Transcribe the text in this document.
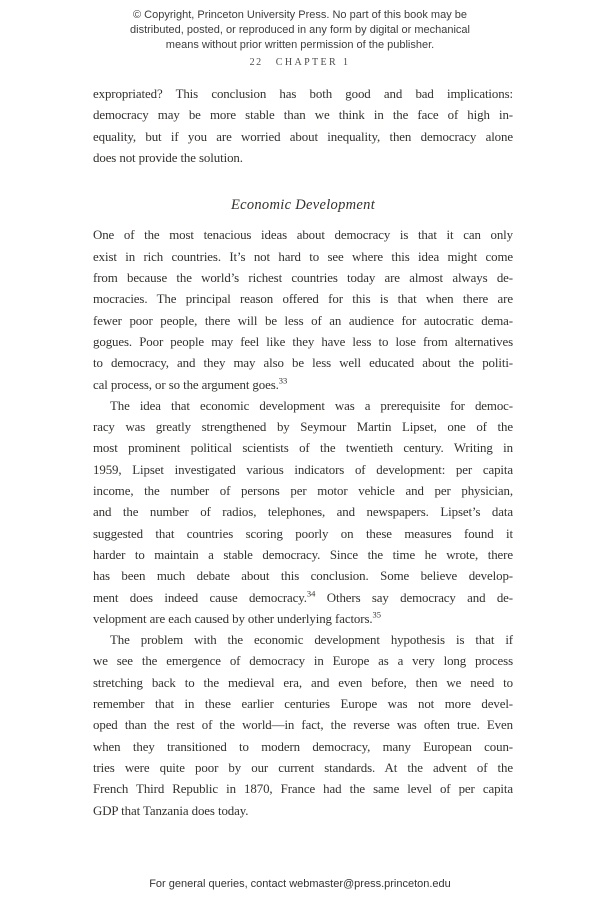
© Copyright, Princeton University Press. No part of this book may be
distributed, posted, or reproduced in any form by digital or mechanical
means without prior written permission of the publisher.
22 CHAPTER 1
expropriated? This conclusion has both good and bad implications:
democracy may be more stable than we think in the face of high in-
equality, but if you are worried about inequality, then democracy alone
does not provide the solution.
Economic Development
One of the most tenacious ideas about democracy is that it can only
exist in rich countries. It’s not hard to see where this idea might come
from because the world’s richest countries today are almost always de-
mocracies. The principal reason offered for this is that when there are
fewer poor people, there will be less of an audience for autocratic dema-
gogues. Poor people may feel like they have less to lose from alternatives
to democracy, and they may also be less well educated about the politi-
cal process, or so the argument goes.$^{33}$
The idea that economic development was a prerequisite for democ-
racy was greatly strengthened by Seymour Martin Lipset, one of the
most prominent political scientists of the twentieth century. Writing in
1959, Lipset investigated various indicators of development: per capita
income, the number of persons per motor vehicle and per physician,
and the number of radios, telephones, and newspapers. Lipset’s data
suggested that countries scoring poorly on these measures found it
harder to maintain a stable democracy. Since the time he wrote, there
has been much debate about this conclusion. Some believe develop-
ment does indeed cause democracy.$^{34}$ Others say democracy and de-
velopment are each caused by other underlying factors.$^{35}$
The problem with the economic development hypothesis is that if
we see the emergence of democracy in Europe as a very long process
stretching back to the medieval era, and even before, then we need to
remember that in these earlier centuries Europe was not more devel-
oped than the rest of the world—in fact, the reverse was often true. Even
when they transitioned to modern democracy, many European coun-
tries were quite poor by our current standards. At the advent of the
French Third Republic in 1870, France had the same level of per capita
GDP that Tanzania does today.
For general queries, contact webmaster@press.princeton.edu
